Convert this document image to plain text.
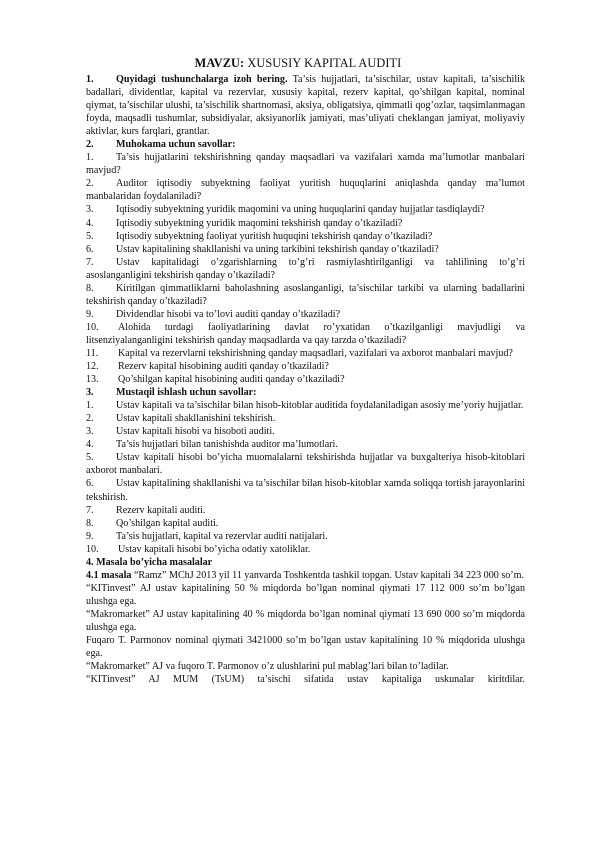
MAVZU: XUSUSIY KAPITAL AUDITI
1. Quyidagi tushunchalarga izoh bering. Ta’sis hujjatlari, ta’sischilar, ustav kapitali, ta’sischilik badallari, dividentlar, kapital va rezervlar, xususiy kapital, rezerv kapital, qo’shilgan kapital, nominal qiymat, ta’sischilar ulushi, ta’sischilik shartnomasi, aksiya, obligatsiya, qimmatli qog’ozlar, taqsimlanmagan foyda, maqsadli tushumlar, subsidiyalar, aksiyanorlik jamiyati, mas’uliyati cheklangan jamiyat, moliyaviy aktivlar, kurs farqlari, grantlar.
2. Muhokama uchun savollar:
1. Ta’sis hujjatlarini tekshirishning qanday maqsadlari va vazifalari xamda ma’lumotlar manbalari mavjud?
2. Auditor iqtisodiy subyektning faoliyat yuritish huquqlarini aniqlashda qanday ma’lumot manbalaridan foydalaniladi?
3. Iqtisodiy subyektning yuridik maqomini va uning huquqlarini qanday hujjatlar tasdiqlaydi?
4. Iqtisodiy subyektning yuridik maqomini tekshirish qanday o’tkaziladi?
5. Iqtisodiy subyektning faoliyat yuritish huquqini tekshirish qanday o’tkaziladi?
6. Ustav kapitalining shakllanishi va uning tarkibini tekshirish qanday o’tkaziladi?
7. Ustav kapitalidagi o’zgarishlarning to’g’ri rasmiylashtirilganligi va tahlilining to’g’ri asoslanganligini tekshirish qanday o’tkaziladi?
8. Kiritilgan qimmatliklarni baholashning asoslanganligi, ta’sischilar tarkibi va ularning badallarini tekshirish qanday o’tkaziladi?
9. Dividendlar hisobi va to’lovi auditi qanday o’tkaziladi?
10. Alohida turdagi faoliyatlarining davlat ro’yxatidan o’tkazilganligi mavjudligi va litsenziyalanganligini tekshirish qanday maqsadlarda va qay tarzda o’tkaziladi?
11. Kapital va rezervlarni tekshirishning qanday maqsadlari, vazifalari va axborot manbalari mavjud?
12. Rezerv kapital hisobining auditi qanday o’tkaziladi?
13. Qo’shilgan kapital hisobining auditi qanday o’tkaziladi?
3. Mustaqil ishlash uchun savollar:
1. Ustav kapitali va ta’sischilar bilan hisob-kitoblar auditida foydalaniladigan asosiy me’yoriy hujjatlar.
2. Ustav kapitali shakllanishini tekshirish.
3. Ustav kapitali hisobi va hisoboti auditi.
4. Ta’sis hujjatlari bilan tanishishda auditor ma’lumotlari.
5. Ustav kapitali hisobi bo’yicha muomalalarni tekshirishda hujjatlar va buxgalteriya hisob-kitoblari axborot manbalari.
6. Ustav kapitalining shakllanishi va ta’sischilar bilan hisob-kitoblar xamda soliqqa tortish jarayonlarini tekshirish.
7. Rezerv kapitali auditi.
8. Qo’shilgan kapital auditi.
9. Ta’sis hujjatlari, kapital va rezervlar auditi natijalari.
10. Ustav kapitali hisobi bo’yicha odatiy xatoliklar.
4. Masala bo’yicha masalalar
4.1 masala “Ramz” MChJ 2013 yil 11 yanvarda Toshkentda tashkil topgan. Ustav kapitali 34 223 000 so’m.
“KITinvest” AJ ustav kapitalining 50 % miqdorda bo’lgan nominal qiymati 17 112 000 so’m bo’lgan ulushga ega.
“Makromarket” AJ ustav kapitalining 40 % miqdorda bo’lgan nominal qiymati 13 690 000 so’m miqdorda ulushga ega.
Fuqaro T. Parmonov nominal qiymati 3421000 so’m bo’lgan ustav kapitalining 10 % miqdorida ulushga ega.
“Makromarket” AJ va fuqoro T. Parmonov o’z ulushlarini pul mablag’lari bilan to’ladilar.
“KITinvest” AJ MUM (TsUM) ta’sischi sifatida ustav kapitaliga uskunalar kiritdilar.
